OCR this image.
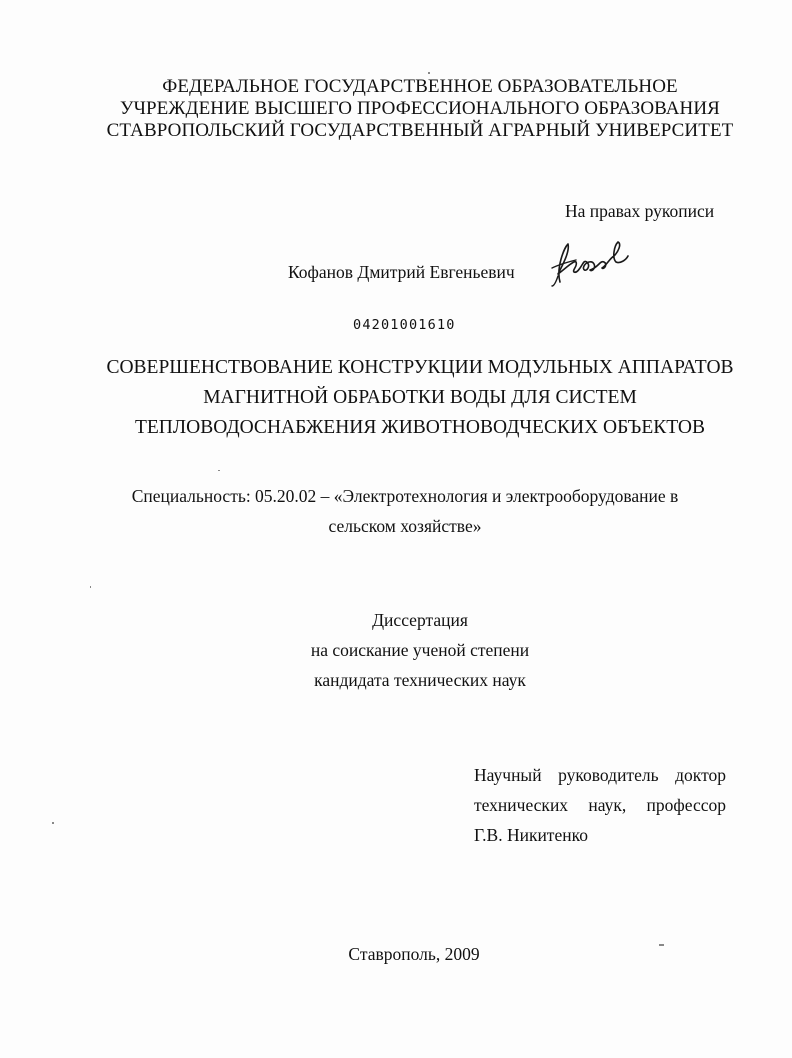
ФЕДЕРАЛЬНОЕ ГОСУДАРСТВЕННОЕ ОБРАЗОВАТЕЛЬНОЕ
УЧРЕЖДЕНИЕ ВЫСШЕГО ПРОФЕССИОНАЛЬНОГО ОБРАЗОВАНИЯ
СТАВРОПОЛЬСКИЙ ГОСУДАРСТВЕННЫЙ АГРАРНЫЙ УНИВЕРСИТЕТ
На правах рукописи
Кофанов Дмитрий Евгеньевич
04201001610
СОВЕРШЕНСТВОВАНИЕ КОНСТРУКЦИИ МОДУЛЬНЫХ АППАРАТОВ
МАГНИТНОЙ ОБРАБОТКИ ВОДЫ ДЛЯ СИСТЕМ
ТЕПЛОВОДОСНАБЖЕНИЯ ЖИВОТНОВОДЧЕСКИХ ОБЪЕКТОВ
Специальность: 05.20.02 – «Электротехнология и электрооборудование в
сельском хозяйстве»
Диссертация
на соискание ученой степени
кандидата технических наук
Научный руководитель доктор
технических наук, профессор
Г.В. Никитенко
Ставрополь, 2009
